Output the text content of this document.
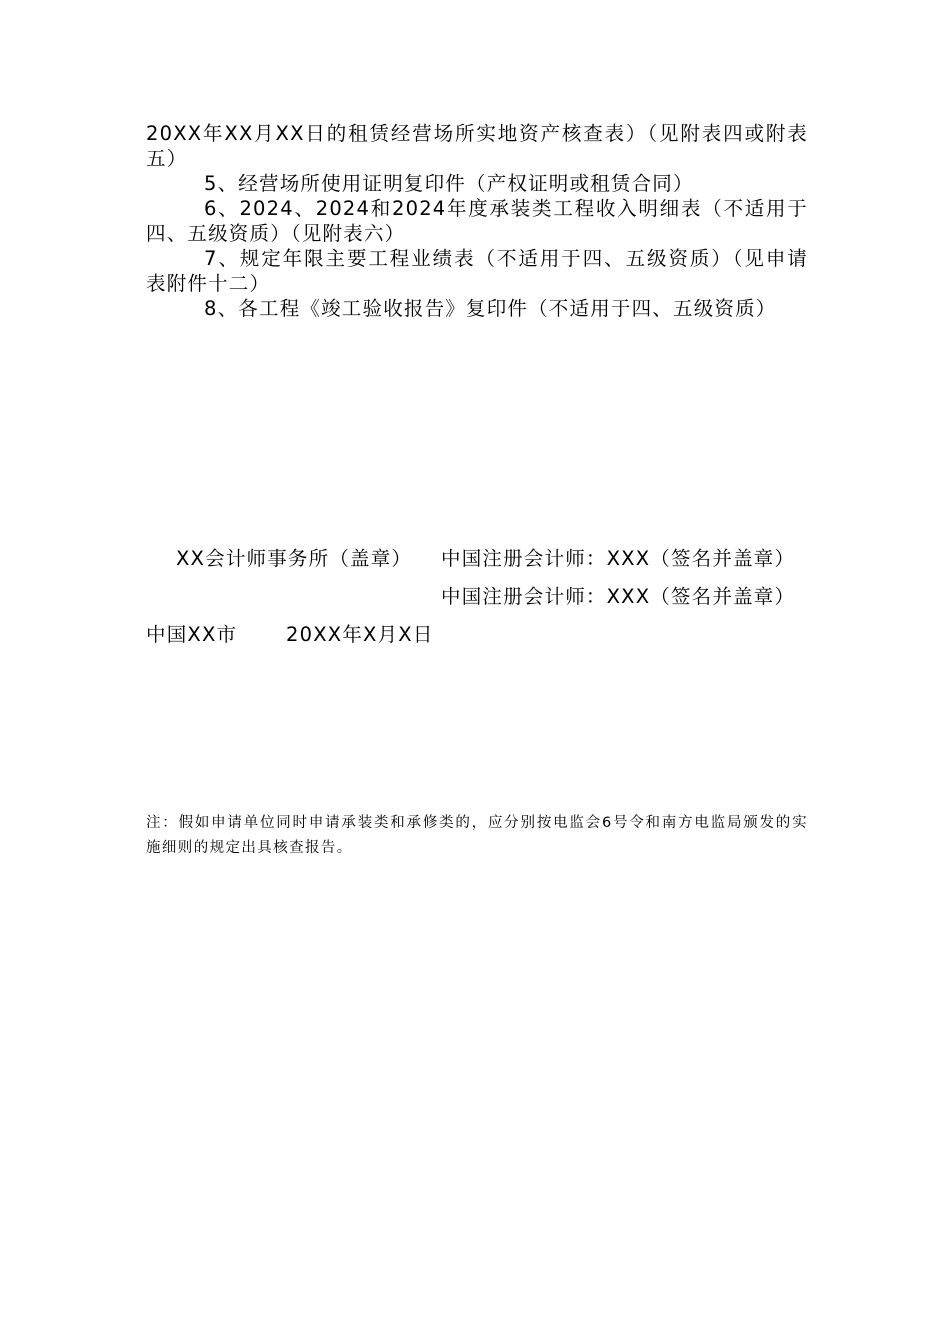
20XX年XX月XX日的租赁经营场所实地资产核查表）（见附表四或附表五）

5、经营场所使用证明复印件（产权证明或租赁合同）

6、2024、2024和2024年度承装类工程收入明细表（不适用于四、五级资质）（见附表六）

7、规定年限主要工程业绩表（不适用于四、五级资质）（见申请表附件十二）

8、各工程《竣工验收报告》复印件（不适用于四、五级资质）

XX会计师事务所（盖章） 中国注册会计师：XXX（签名并盖章）
中国注册会计师：XXX（签名并盖章）
中国XX市	20XX年X月X日

注：假如申请单位同时申请承装类和承修类的，应分别按电监会6号令和南方电监局颁发的实施细则的规定出具核查报告。
